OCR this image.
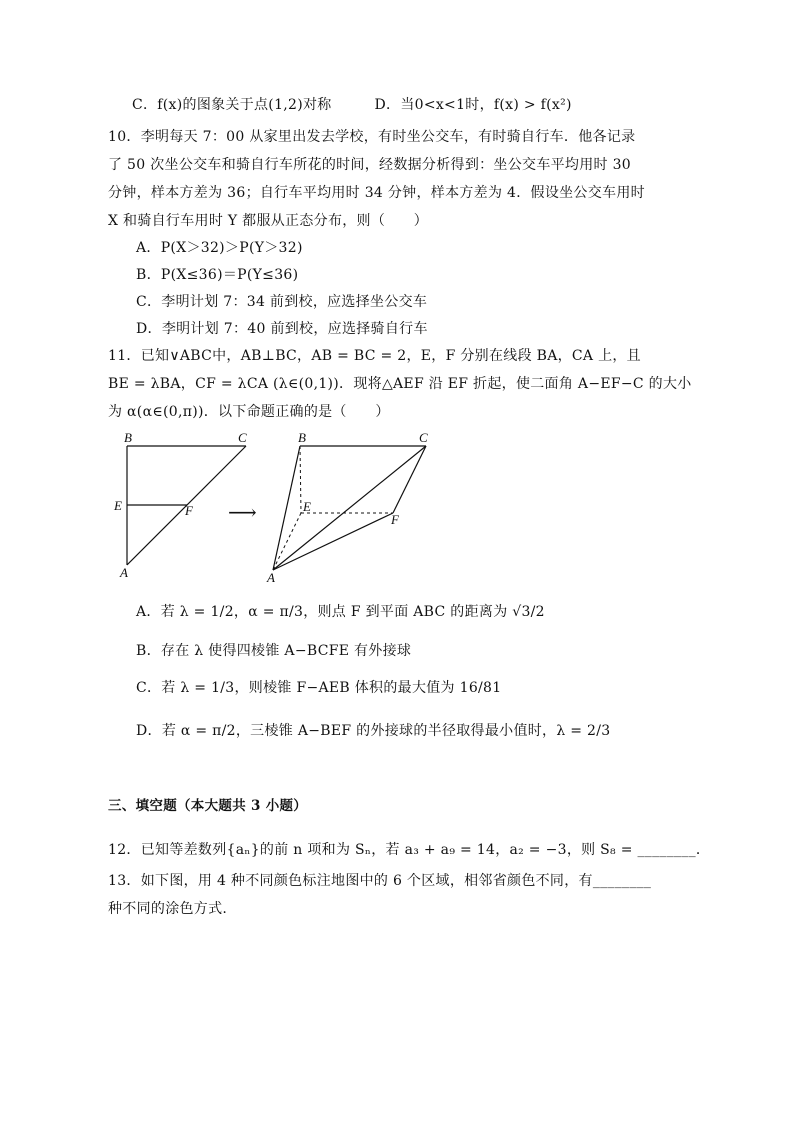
C．f(x)的图象关于点(1,2)对称　　　D．当0<x<1时，f(x) > f(x²)
10．李明每天 7：00 从家里出发去学校，有时坐公交车，有时骑自行车．他各记录
了 50 次坐公交车和骑自行车所花的时间，经数据分析得到：坐公交车平均用时 30
分钟，样本方差为 36；自行车平均用时 34 分钟，样本方差为 4．假设坐公交车用时
X 和骑自行车用时 Y 都服从正态分布，则（　　）
A．P(X＞32)＞P(Y＞32)
B．P(X≤36)＝P(Y≤36)
C．李明计划 7：34 前到校，应选择坐公交车
D．李明计划 7：40 前到校，应选择骑自行车
11．已知∨ABC中，AB⊥BC，AB = BC = 2，E，F 分别在线段 BA，CA 上，且
BE = λBA，CF = λCA (λ∈(0,1))．现将△AEF 沿 EF 折起，使二面角 A−EF−C 的大小
为 α(α∈(0,π))．以下命题正确的是（　　）
B	C
E	F
A
⟶
B	C
E
F
A
A．若 λ = 1/2，α = π/3，则点 F 到平面 ABC 的距离为 √3/2
B．存在 λ 使得四棱锥 A−BCFE 有外接球
C．若 λ = 1/3，则棱锥 F−AEB 体积的最大值为 16/81
D．若 α = π/2，三棱锥 A−BEF 的外接球的半径取得最小值时，λ = 2/3
三、填空题（本大题共 3 小题）
12．已知等差数列{aₙ}的前 n 项和为 Sₙ，若 a₃ + a₉ = 14，a₂ = −3，则 S₈ = ________．
13．如下图，用 4 种不同颜色标注地图中的 6 个区域，相邻省颜色不同，有________
种不同的涂色方式.
